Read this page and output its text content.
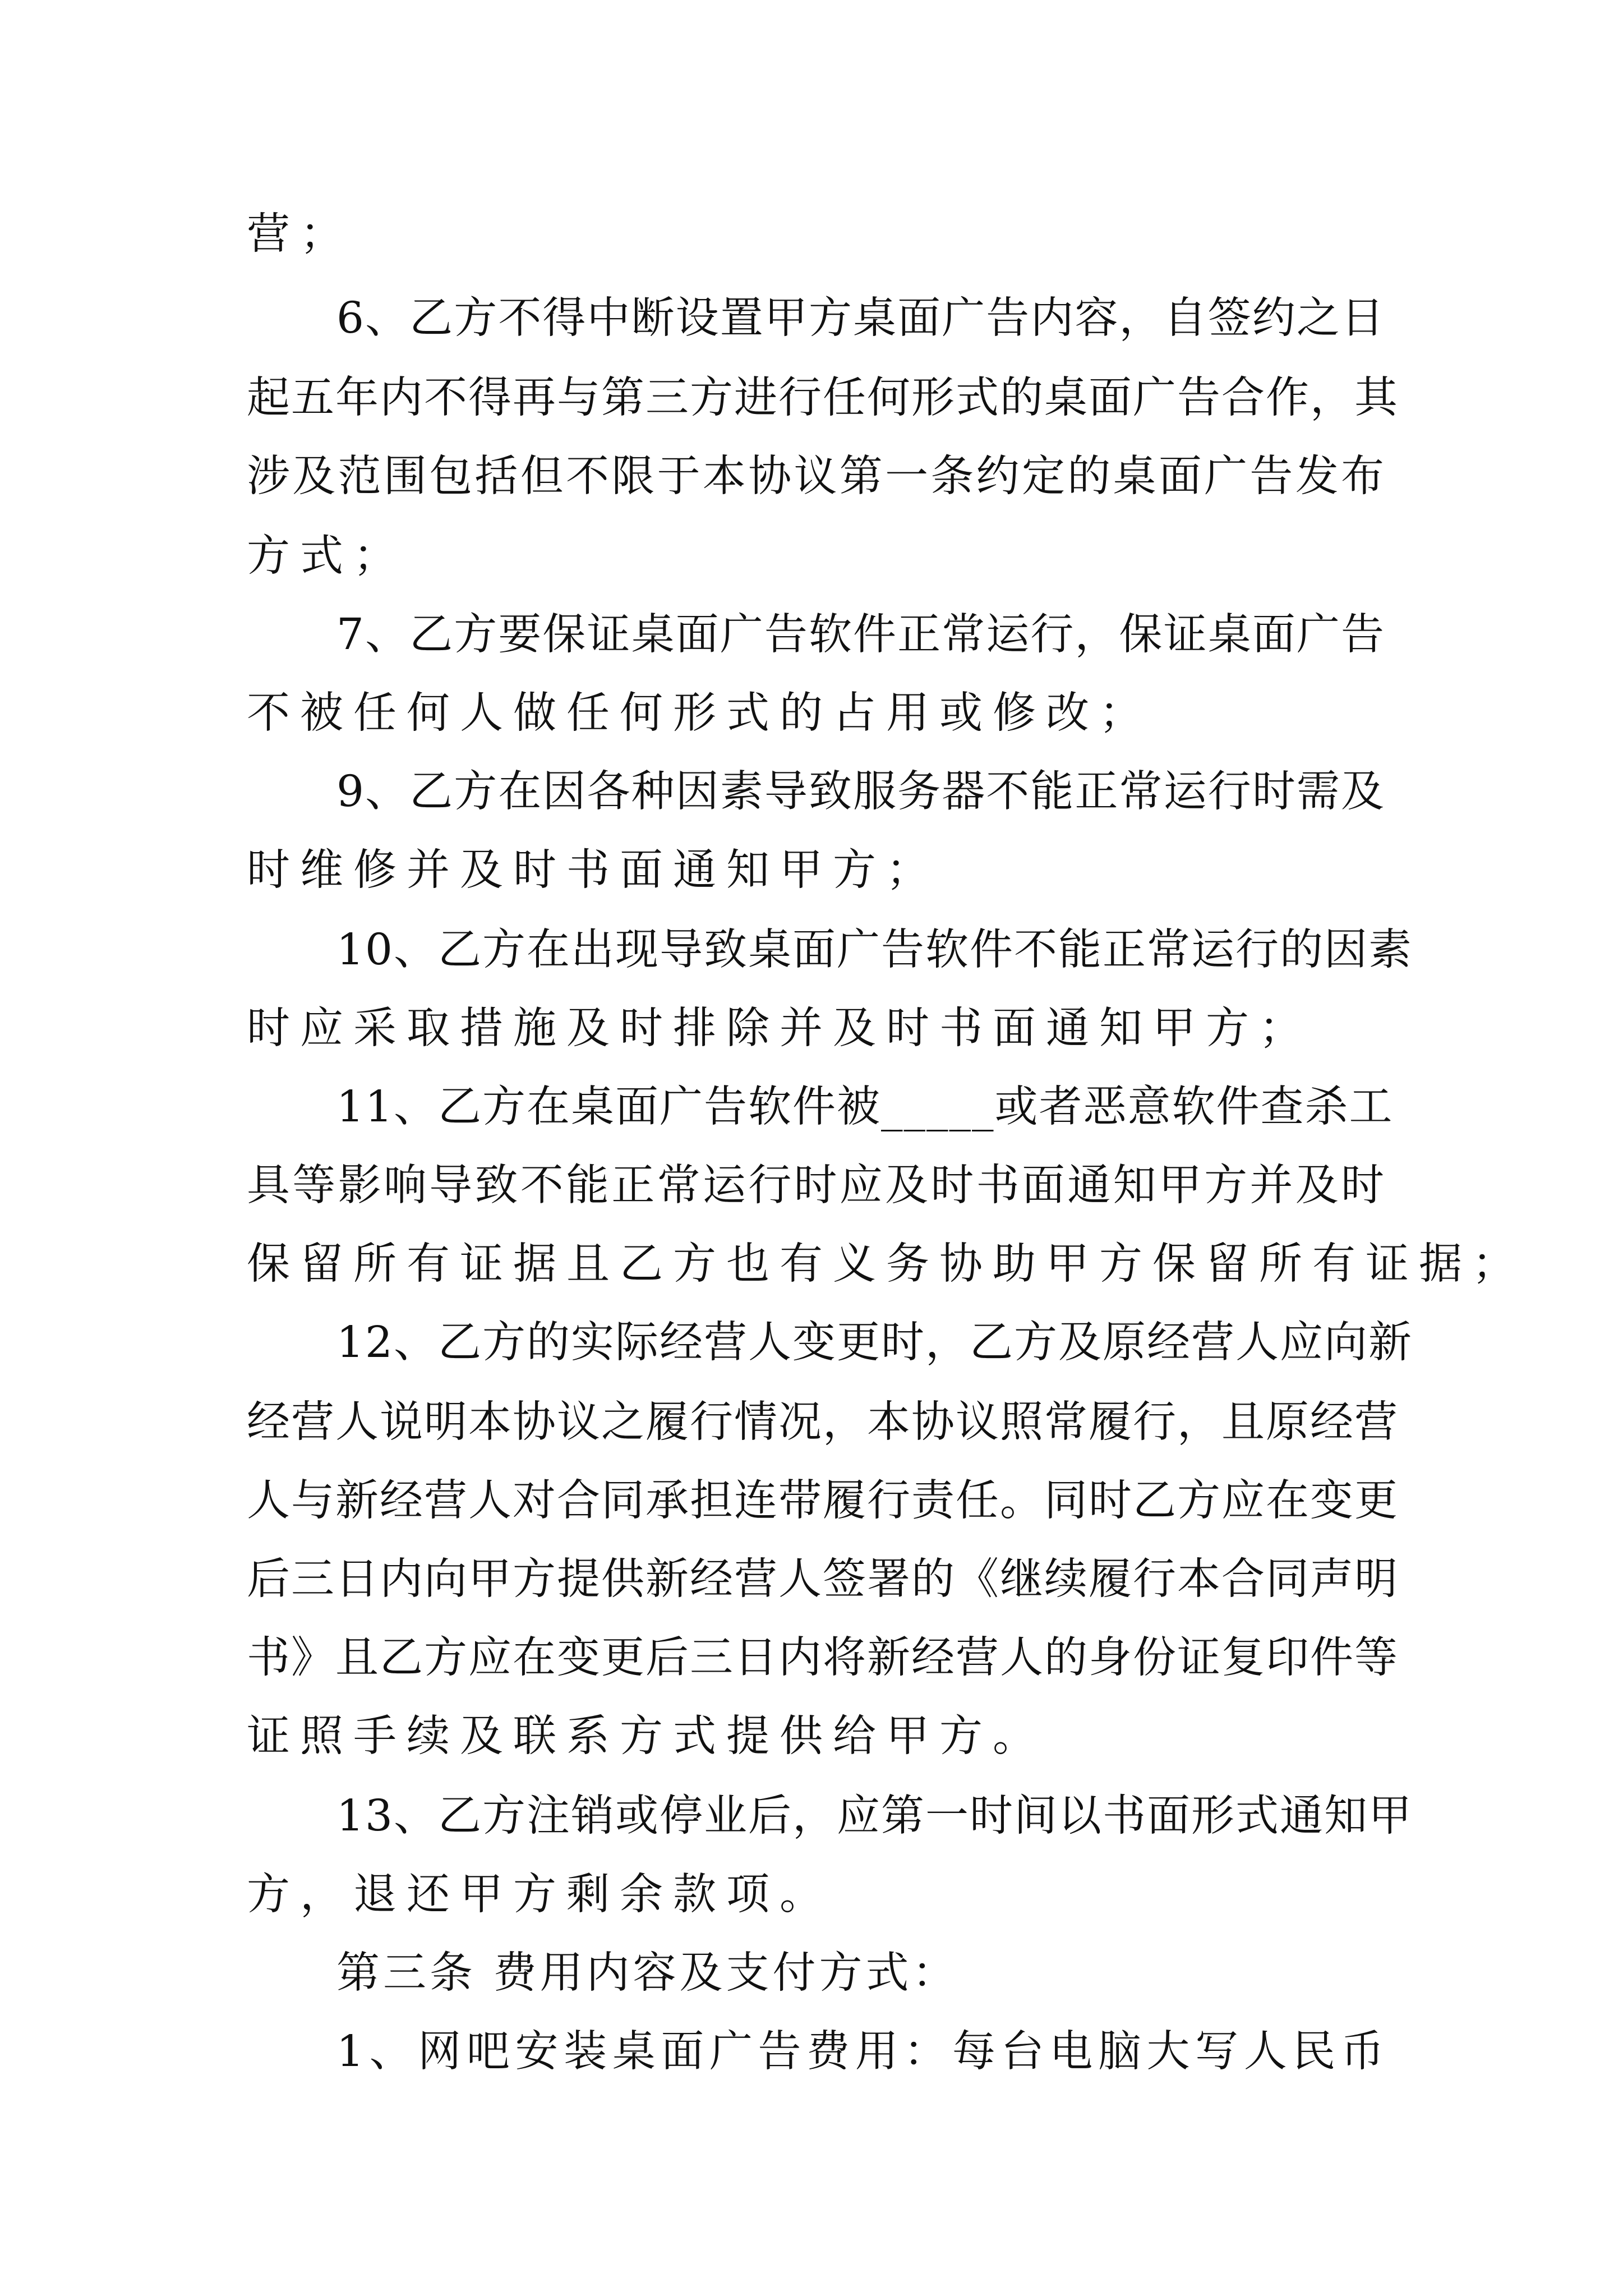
营；
6、乙方不得中断设置甲方桌面广告内容，自签约之日
起五年内不得再与第三方进行任何形式的桌面广告合作，其
涉及范围包括但不限于本协议第一条约定的桌面广告发布
方式；
7、乙方要保证桌面广告软件正常运行，保证桌面广告
不被任何人做任何形式的占用或修改；
9、乙方在因各种因素导致服务器不能正常运行时需及
时维修并及时书面通知甲方；
10、乙方在出现导致桌面广告软件不能正常运行的因素
时应采取措施及时排除并及时书面通知甲方；
11、乙方在桌面广告软件被_____或者恶意软件查杀工
具等影响导致不能正常运行时应及时书面通知甲方并及时
保留所有证据且乙方也有义务协助甲方保留所有证据；
12、乙方的实际经营人变更时，乙方及原经营人应向新
经营人说明本协议之履行情况，本协议照常履行，且原经营
人与新经营人对合同承担连带履行责任。同时乙方应在变更
后三日内向甲方提供新经营人签署的《继续履行本合同声明
书》且乙方应在变更后三日内将新经营人的身份证复印件等
证照手续及联系方式提供给甲方。
13、乙方注销或停业后，应第一时间以书面形式通知甲
方，退还甲方剩余款项。
第三条 费用内容及支付方式：
1、网吧安装桌面广告费用：每台电脑大写人民币
